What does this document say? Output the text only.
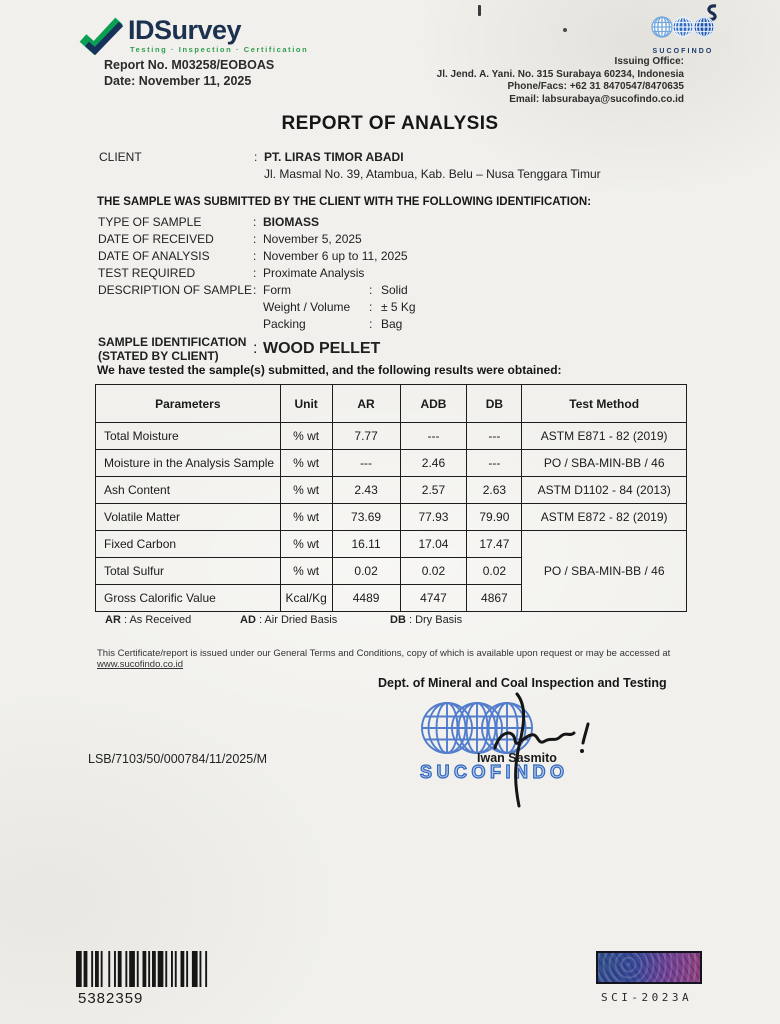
IDSurvey
Testing · Inspection · Certification
Report No. M03258/EOBOAS
Date: November 11, 2025
SUCOFINDO
Issuing Office:
Jl. Jend. A. Yani. No. 315 Surabaya 60234, Indonesia
Phone/Facs: +62 31 8470547/8470635
Email: labsurabaya@sucofindo.co.id
REPORT OF ANALYSIS
CLIENT	: PT. LIRAS TIMOR ABADI
Jl. Masmal No. 39, Atambua, Kab. Belu – Nusa Tenggara Timur
THE SAMPLE WAS SUBMITTED BY THE CLIENT WITH THE FOLLOWING IDENTIFICATION:
TYPE OF SAMPLE	: BIOMASS
DATE OF RECEIVED	: November 5, 2025
DATE OF ANALYSIS	: November 6 up to 11, 2025
TEST REQUIRED	: Proximate Analysis
DESCRIPTION OF SAMPLE : Form	: Solid
Weight / Volume	: ± 5 Kg
Packing	: Bag
SAMPLE IDENTIFICATION
(STATED BY CLIENT)	: WOOD PELLET
We have tested the sample(s) submitted, and the following results were obtained:
Parameters	Unit	AR	ADB	DB	Test Method
Total Moisture	% wt	7.77	---	---	ASTM E871 - 82 (2019)
Moisture in the Analysis Sample	% wt	---	2.46	---	PO / SBA-MIN-BB / 46
Ash Content	% wt	2.43	2.57	2.63	ASTM D1102 - 84 (2013)
Volatile Matter	% wt	73.69	77.93	79.90	ASTM E872 - 82 (2019)
Fixed Carbon	% wt	16.11	17.04	17.47	PO / SBA-MIN-BB / 46
Total Sulfur	% wt	0.02	0.02	0.02	
Gross Calorific Value	Kcal/Kg	4489	4747	4867	
AR : As Received	AD : Air Dried Basis	DB : Dry Basis
This Certificate/report is issued under our General Terms and Conditions, copy of which is available upon request or may be accessed at www.sucofindo.co.id
Dept. of Mineral and Coal Inspection and Testing
SUCOFINDO
Iwan Sasmito
LSB/7103/50/000784/11/2025/M
5382359	SCI-2023A
